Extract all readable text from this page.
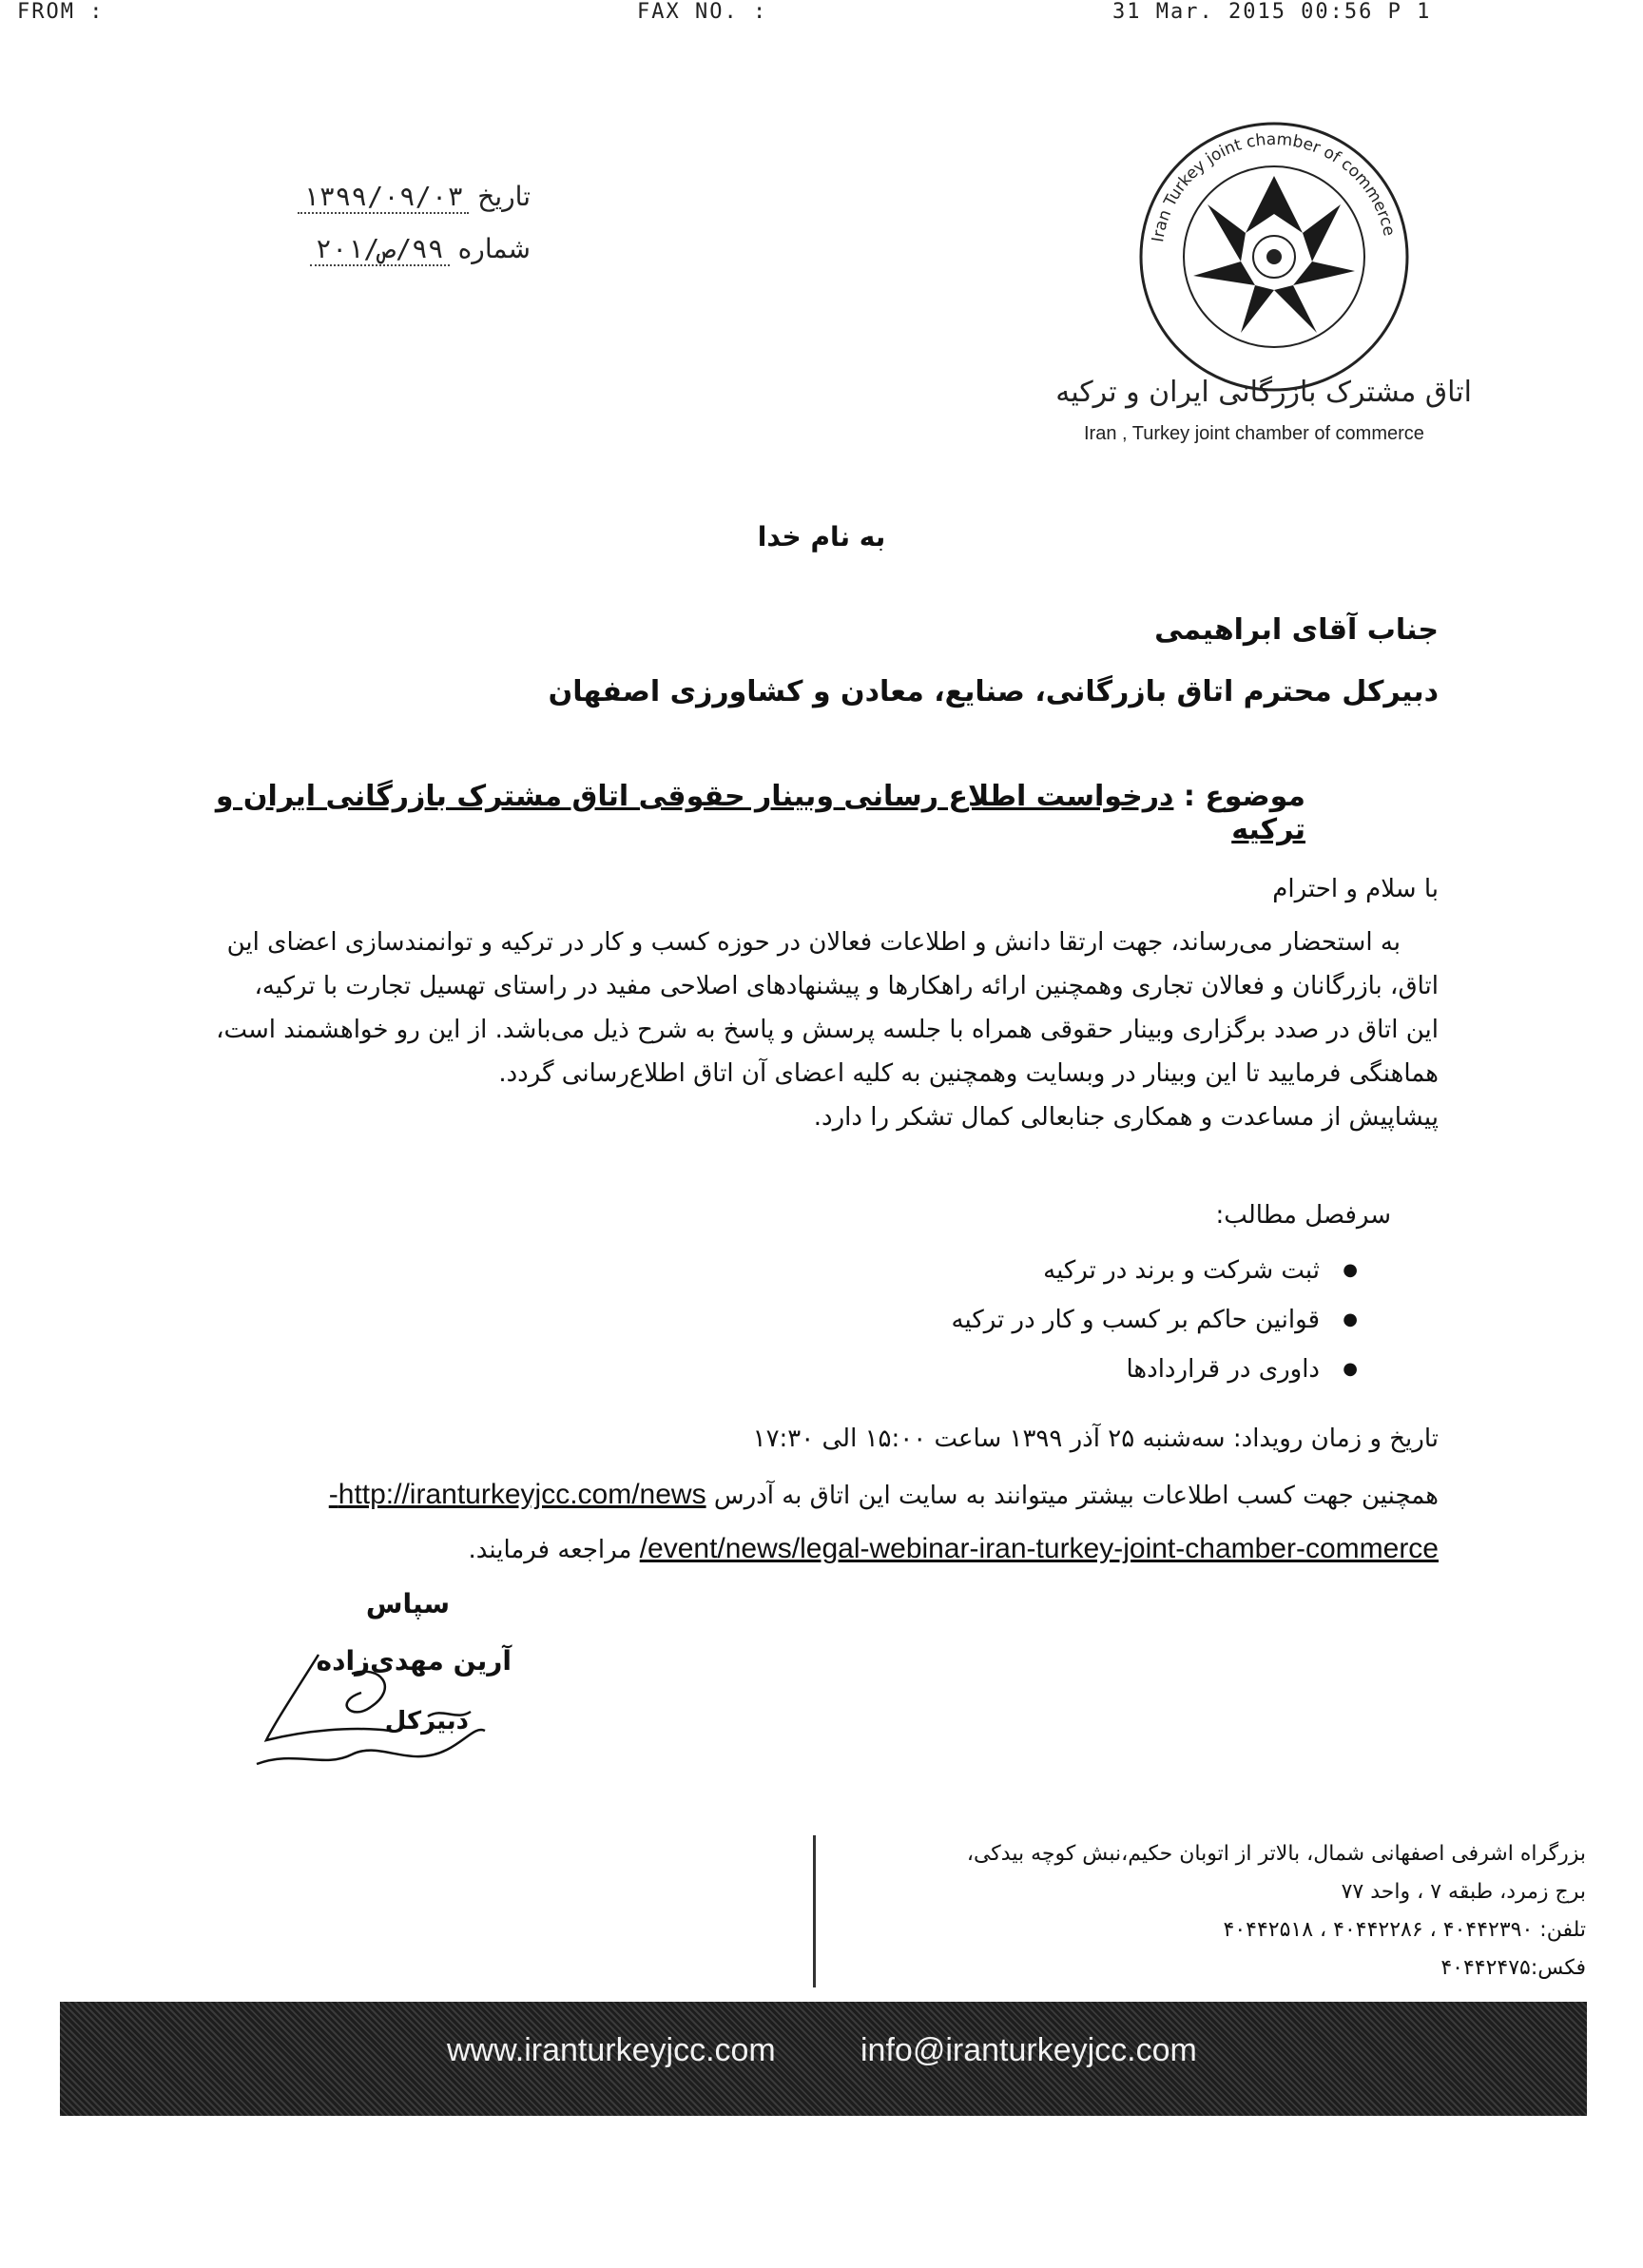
FROM :	FAX NO. :	31 Mar. 2015 00:56 P 1
تاریخ ۱۳۹۹/۰۹/۰۳
شماره ۹۹/ص/۲۰۱	Iran Turkey joint chamber of commerce
اتاق مشترک بازرگانی ایران و ترکیه
Iran , Turkey joint chamber of commerce
به نام خدا
جناب آقای ابراهیمی
دبیرکل محترم اتاق بازرگانی، صنایع، معادن و کشاورزی اصفهان
موضوع : درخواست اطلاع رسانی وبینار حقوقی اتاق مشترک بازرگانی ایران و ترکیه
با سلام و احترام
به استحضار می‌رساند، جهت ارتقا دانش و اطلاعات فعالان در حوزه کسب و کار در ترکیه و توانمندسازی اعضای این
اتاق، بازرگانان و فعالان تجاری وهمچنین ارائه راهکارها و پیشنهادهای اصلاحی مفید در راستای تهسیل تجارت با ترکیه،
این اتاق در صدد برگزاری وبینار حقوقی همراه با جلسه پرسش و پاسخ به شرح ذیل می‌باشد. از این رو خواهشمند است،
هماهنگی فرمایید تا این وبینار در وبسایت وهمچنین به کلیه اعضای آن اتاق اطلاع‌رسانی گردد.
پیشاپیش از مساعدت و همکاری جنابعالی کمال تشکر را دارد.
سرفصل مطالب:
● ثبت شرکت و برند در ترکیه
● قوانین حاکم بر کسب و کار در ترکیه
● داوری در قراردادها
تاریخ و زمان رویداد: سه‌شنبه ۲۵ آذر ۱۳۹۹ ساعت ۱۵:۰۰ الی ۱۷:۳۰
همچنین جهت کسب اطلاعات بیشتر میتوانند به سایت این اتاق به آدرس http://iranturkeyjcc.com/news-
event/news/legal-webinar-iran-turkey-joint-chamber-commerce/ مراجعه فرمایند.
سپاس
آرین مهدی‌زاده
دبیرکل
بزرگراه اشرفی اصفهانی شمال، بالاتر از اتوبان حکیم،نبش کوچه بیدکی،
برج زمرد، طبقه ۷ ، واحد ۷۷
تلفن: ۴۰۴۴۲۳۹۰ ، ۴۰۴۴۲۲۸۶ ، ۴۰۴۴۲۵۱۸
فکس:۴۰۴۴۲۴۷۵
www.iranturkeyjcc.com	info@iranturkeyjcc.com
